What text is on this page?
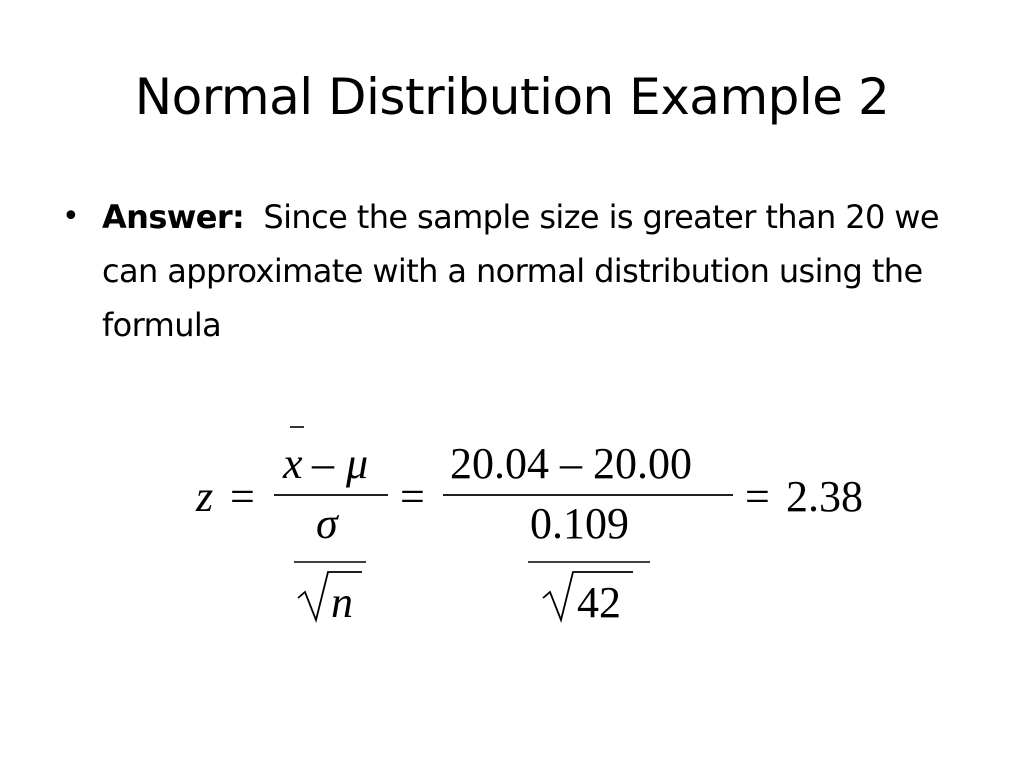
Normal Distribution Example 2
• Answer: Since the sample size is greater than 20 we can approximate with a normal distribution using the formula
z =
x – μ
σ
n
=
20.04 – 20.00
0.109
42
= 2.38
